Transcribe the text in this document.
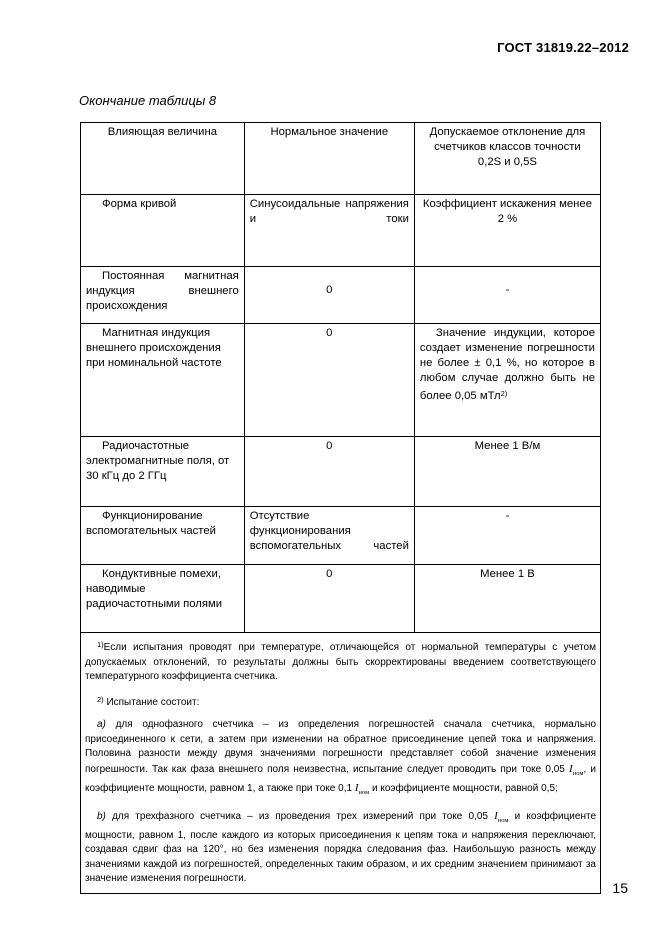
ГОСТ 31819.22–2012
Окончание таблицы 8
Влияющая величина	Нормальное значение	Допускаемое отклонение для счетчиков классов точности 0,2S и 0,5S
Форма кривой	Синусоидальные напряжения и токи	Коэффициент искажения менее 2 %
Постоянная магнитная индукция внешнего происхождения	0	-
Магнитная индукция внешнего происхождения при номинальной частоте	0	Значение индукции, которое создает изменение погрешности не более ± 0,1 %, но которое в любом случае должно быть не более 0,05 мТл$^{2)}$
Радиочастотные электромагнитные поля, от 30 кГц до 2 ГГц	0	Менее 1 В/м
Функционирование вспомогательных частей	Отсутствие функционирования вспомогательных частей	-
Кондуктивные помехи, наводимые радиочастотными полями	0	Менее 1 В

$^{1)}$Если испытания проводят при температуре, отличающейся от нормальной температуры с учетом допускаемых отклонений, то результаты должны быть скорректированы введением соответствующего температурного коэффициента счетчика.

$^{2)}$ Испытание состоит:

а) для однофазного счетчика – из определения погрешностей сначала счетчика, нормально присоединенного к сети, а затем при изменении на обратное присоединение цепей тока и напряжения. Половина разности между двумя значениями погрешности представляет собой значение изменения погрешности. Так как фаза внешнего поля неизвестна, испытание следует проводить при токе 0,05 $I_{ном}$, и коэффициенте мощности, равном 1, а также при токе 0,1 $I_{ном}$ и коэффициенте мощности, равной 0,5;

b) для трехфазного счетчика – из проведения трех измерений при токе 0,05 $I_{ном}$ и коэффициенте мощности, равном 1, после каждого из которых присоединения к цепям тока и напряжения переключают, создавая сдвиг фаз на 120°, но без изменения порядка следования фаз. Наибольшую разность между значениями каждой из погрешностей, определенных таким образом, и их средним значением принимают за значение изменения погрешности.		

15
